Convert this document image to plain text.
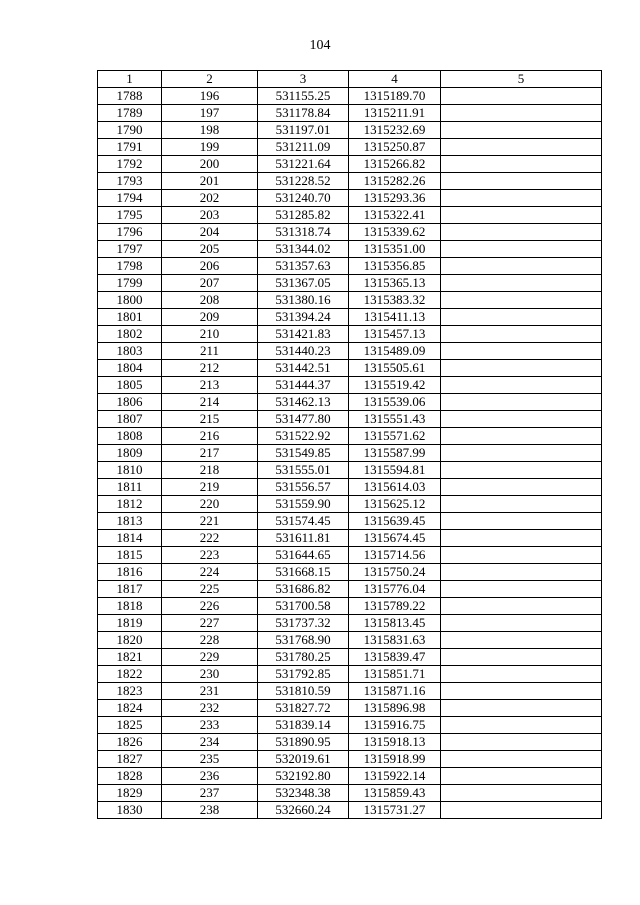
104
1	2	3	4	5
1788	196	531155.25	1315189.70	
1789	197	531178.84	1315211.91	
1790	198	531197.01	1315232.69	
1791	199	531211.09	1315250.87	
1792	200	531221.64	1315266.82	
1793	201	531228.52	1315282.26	
1794	202	531240.70	1315293.36	
1795	203	531285.82	1315322.41	
1796	204	531318.74	1315339.62	
1797	205	531344.02	1315351.00	
1798	206	531357.63	1315356.85	
1799	207	531367.05	1315365.13	
1800	208	531380.16	1315383.32	
1801	209	531394.24	1315411.13	
1802	210	531421.83	1315457.13	
1803	211	531440.23	1315489.09	
1804	212	531442.51	1315505.61	
1805	213	531444.37	1315519.42	
1806	214	531462.13	1315539.06	
1807	215	531477.80	1315551.43	
1808	216	531522.92	1315571.62	
1809	217	531549.85	1315587.99	
1810	218	531555.01	1315594.81	
1811	219	531556.57	1315614.03	
1812	220	531559.90	1315625.12	
1813	221	531574.45	1315639.45	
1814	222	531611.81	1315674.45	
1815	223	531644.65	1315714.56	
1816	224	531668.15	1315750.24	
1817	225	531686.82	1315776.04	
1818	226	531700.58	1315789.22	
1819	227	531737.32	1315813.45	
1820	228	531768.90	1315831.63	
1821	229	531780.25	1315839.47	
1822	230	531792.85	1315851.71	
1823	231	531810.59	1315871.16	
1824	232	531827.72	1315896.98	
1825	233	531839.14	1315916.75	
1826	234	531890.95	1315918.13	
1827	235	532019.61	1315918.99	
1828	236	532192.80	1315922.14	
1829	237	532348.38	1315859.43	
1830	238	532660.24	1315731.27	
